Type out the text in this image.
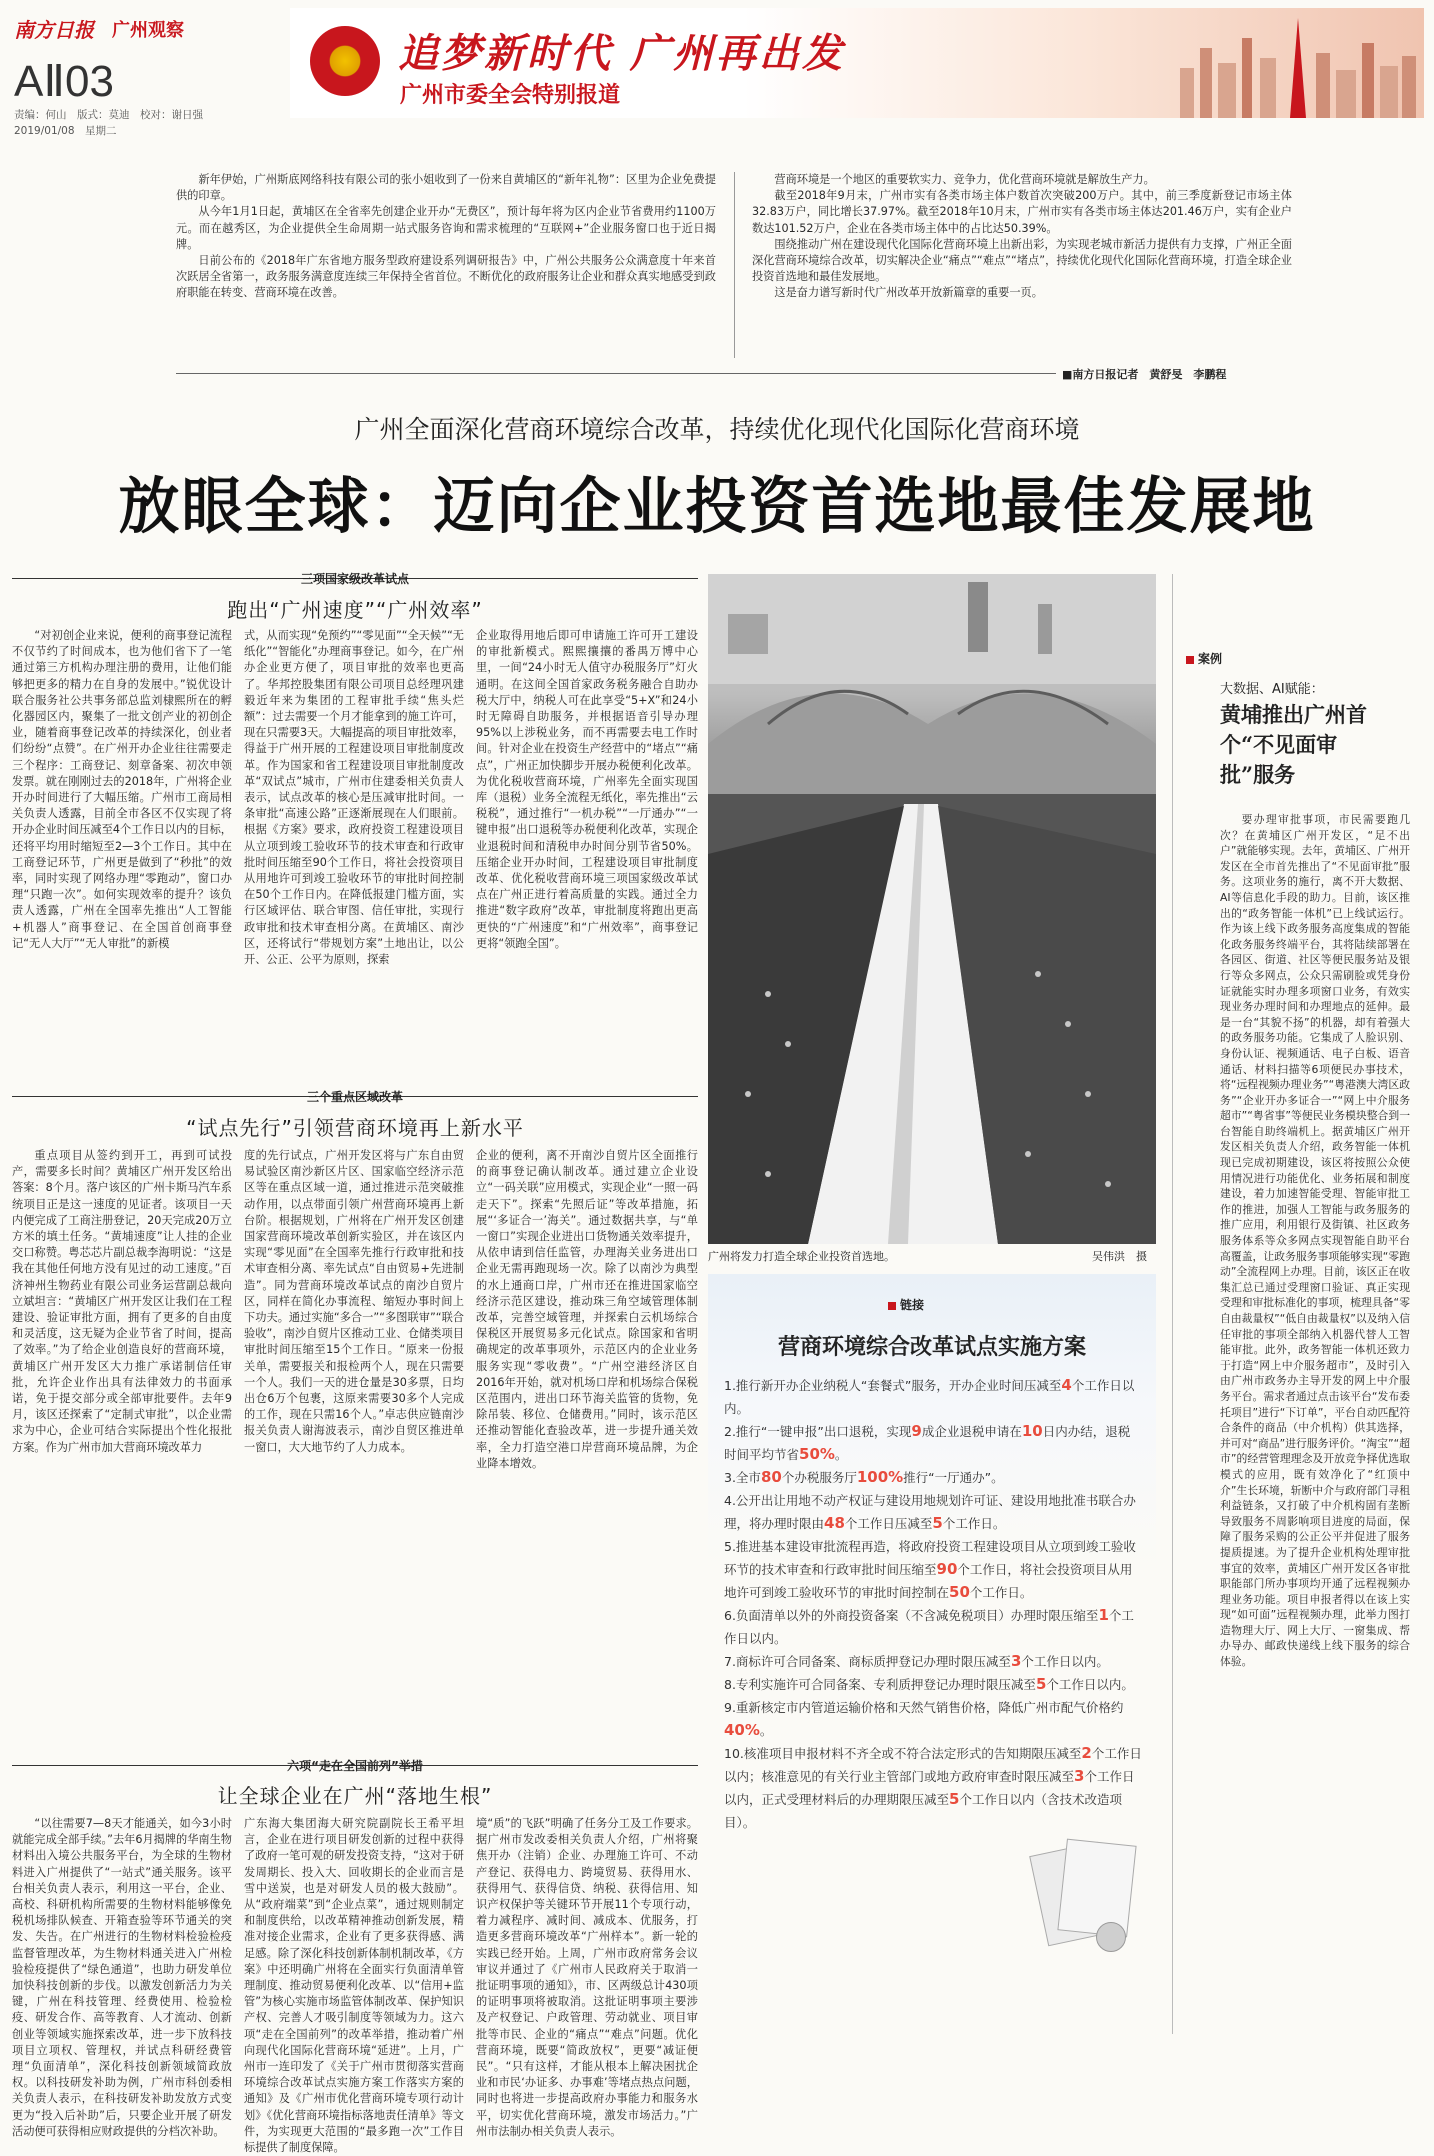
南方日报 广州观察
AⅡ03
责编：何山　版式：莫迪　校对：谢日强
2019/01/08　星期二
追梦新时代 广州再出发
广州市委全会特别报道

新年伊始，广州斯底网络科技有限公司的张小姐收到了一份来自黄埔区的“新年礼物”：区里为企业免费提供的印章。

从今年1月1日起，黄埔区在全省率先创建企业开办“无费区”，预计每年将为区内企业节省费用约1100万元。而在越秀区，为企业提供全生命周期一站式服务咨询和需求梳理的“互联网+”企业服务窗口也于近日揭牌。

日前公布的《2018年广东省地方服务型政府建设系列调研报告》中，广州公共服务公众满意度十年来首次跃居全省第一，政务服务满意度连续三年保持全省首位。不断优化的政府服务让企业和群众真实地感受到政府职能在转变、营商环境在改善。

营商环境是一个地区的重要软实力、竞争力，优化营商环境就是解放生产力。

截至2018年9月末，广州市实有各类市场主体户数首次突破200万户。其中，前三季度新登记市场主体32.83万户，同比增长37.97%。截至2018年10月末，广州市实有各类市场主体达201.46万户，实有企业户数达101.52万户，企业在各类市场主体中的占比达50.39%。

围绕推动广州在建设现代化国际化营商环境上出新出彩，为实现老城市新活力提供有力支撑，广州正全面深化营商环境综合改革，切实解决企业“痛点”“难点”“堵点”，持续优化现代化国际化营商环境，打造全球企业投资首选地和最佳发展地。

这是奋力谱写新时代广州改革开放新篇章的重要一页。

■南方日报记者　黄舒旻　李鹏程
广州全面深化营商环境综合改革，持续优化现代化国际化营商环境
放眼全球：迈向企业投资首选地最佳发展地
三项国家级改革试点
跑出“广州速度”“广州效率”
“对初创企业来说，便利的商事登记流程不仅节约了时间成本，也为他们省下了一笔通过第三方机构办理注册的费用，让他们能够把更多的精力在自身的发展中。”锐优设计联合服务社公共事务部总监刘棣熙所在的孵化器园区内，聚集了一批文创产业的初创企业，随着商事登记改革的持续深化，创业者们纷纷“点赞”。在广州开办企业往往需要走三个程序：工商登记、刻章备案、初次申领发票。就在刚刚过去的2018年，广州将企业开办时间进行了大幅压缩。广州市工商局相关负责人透露，目前全市各区不仅实现了将开办企业时间压减至4个工作日以内的目标，还将平均用时缩短至2—3个工作日。其中在工商登记环节，广州更是做到了“秒批”的效率，同时实现了网络办理“零跑动”，窗口办理“只跑一次”。如何实现效率的提升？该负责人透露，广州在全国率先推出“人工智能+机器人”商事登记、在全国首创商事登记“无人大厅”“无人审批”的新模
式，从而实现“免预约”“零见面”“全天候”“无纸化”“智能化”办理商事登记。如今，在广州办企业更方便了，项目审批的效率也更高了。华邦控股集团有限公司项目总经理巩建毅近年来为集团的工程审批手续“焦头烂额”：过去需要一个月才能拿到的施工许可，现在只需要3天。大幅提高的项目审批效率，得益于广州开展的工程建设项目审批制度改革。作为国家和省工程建设项目审批制度改革“双试点”城市，广州市住建委相关负责人表示，试点改革的核心是压减审批时间。一条审批“高速公路”正逐渐展现在人们眼前。根据《方案》要求，政府投资工程建设项目从立项到竣工验收环节的技术审查和行政审批时间压缩至90个工作日，将社会投资项目从用地许可到竣工验收环节的审批时间控制在50个工作日内。在降低报建门槛方面，实行区域评估、联合审图、信任审批，实现行政审批和技术审查相分离。在黄埔区、南沙区，还将试行“带规划方案”土地出让，以公开、公正、公平为原则，探索
企业取得用地后即可申请施工许可开工建设的审批新模式。熙熙攘攘的番禺万博中心里，一间“24小时无人值守办税服务厅”灯火通明。在这间全国首家政务税务融合自助办税大厅中，纳税人可在此享受“5+X”和24小时无障碍自助服务，并根据语音引导办理95%以上涉税业务，而不再需要去电工作时间。针对企业在投资生产经营中的“堵点”“痛点”，广州正加快脚步开展办税便利化改革。为优化税收营商环境，广州率先全面实现国库（退税）业务全流程无纸化，率先推出“云税税”，通过推行“一机办税”“一厅通办”“一键申报”出口退税等办税便利化改革，实现企业退税时间和清税申办时间分别节省50%。压缩企业开办时间，工程建设项目审批制度改革、优化税收营商环境三项国家级改革试点在广州正进行着高质量的实践。通过全力推进“数字政府”改革，审批制度将跑出更高更快的“广州速度”和“广州效率”，商事登记更将“领跑全国”。
三个重点区域改革
“试点先行”引领营商环境再上新水平
重点项目从签约到开工，再到可试投产，需要多长时间？黄埔区广州开发区给出答案：8个月。落户该区的广州卡斯马汽车系统项目正是这一速度的见证者。该项目一天内便完成了工商注册登记，20天完成20万立方米的填土任务。“黄埔速度”让人挂的企业交口称赞。粤芯芯片副总裁李海明说：“这是我在其他任何地方没有见过的动工速度。”百济神州生物药业有限公司业务运营副总裁向立斌坦言：“黄埔区广州开发区让我们在工程建设、验证审批方面，拥有了更多的自由度和灵活度，这无疑为企业节省了时间，提高了效率。”为了给企业创造良好的营商环境，黄埔区广州开发区大力推广承诺制信任审批，允许企业作出具有法律效力的书面承诺，免于提交部分或全部审批要件。去年9月，该区还探索了“定制式审批”，以企业需求为中心，企业可结合实际提出个性化报批方案。作为广州市加大营商环境改革力
度的先行试点，广州开发区将与广东自由贸易试验区南沙新区片区、国家临空经济示范区等在重点区域一道，通过推进示范突破推动作用，以点带面引领广州营商环境再上新台阶。根据规划，广州将在广州开发区创建国家营商环境改革创新实验区，并在该区内实现“零见面”在全国率先推行行政审批和技术审查相分离、率先试点“自由贸易+先进制造”。同为营商环境改革试点的南沙自贸片区，同样在简化办事流程、缩短办事时间上下功夫。通过实施“多合一”“多图联审”“联合验收”，南沙自贸片区推动工业、仓储类项目审批时间压缩至15个工作日。“原来一份报关单，需要报关和报检两个人，现在只需要一个人。我们一天的进仓量是30多票，日均出仓6万个包裹，这原来需要30多个人完成的工作，现在只需16个人。”卓志供应链南沙报关负责人谢海波表示，南沙自贸区推进单一窗口，大大地节约了人力成本。
企业的便利，离不开南沙自贸片区全面推行的商事登记确认制改革。通过建立企业设立“一码关联”应用模式，实现企业“一照一码走天下”。探索“先照后证”等改革措施，拓展“‘多证合一’海关”。通过数据共享，与“单一窗口”实现企业进出口货物通关效率提升，从依申请到信任监管，办理海关业务进出口企业无需再跑现场一次。除了以南沙为典型的水上通商口岸，广州市还在推进国家临空经济示范区建设，推动珠三角空域管理体制改革，完善空域管理，并探索白云机场综合保税区开展贸易多元化试点。除国家和省明确规定的改革事项外，示范区内的企业业务服务实现“零收费”。“广州空港经济区自2016年开始，就对机场口岸和机场综合保税区范围内，进出口环节海关监管的货物，免除吊装、移位、仓储费用。”同时，该示范区还推动智能化查验改革，进一步提升通关效率，全力打造空港口岸营商环境品牌，为企业降本增效。
六项“走在全国前列”举措
让全球企业在广州“落地生根”
“以往需要7—8天才能通关，如今3小时就能完成全部手续。”去年6月揭牌的华南生物材料出入境公共服务平台，为全球的生物材料进入广州提供了“一站式”通关服务。该平台相关负责人表示，利用这一平台，企业、高校、科研机构所需要的生物材料能够像免税机场排队候查、开箱查验等环节通关的突发、失告。在广州进行的生物材料检验检疫监督管理改革，为生物材料通关进入广州检验检疫提供了“绿色通道”，也助力研发单位加快科技创新的步伐。以激发创新活力为关键，广州在科技管理、经费使用、检验检疫、研发合作、高等教育、人才流动、创新创业等领域实施探索改革，进一步下放科技项目立项权、管理权，并试点科研经费管理“负面清单”，深化科技创新领域简政放权。以科技研发补助为例，广州市科创委相关负责人表示，在科技研发补助发放方式变更为“投入后补助”后，只要企业开展了研发活动便可获得相应财政提供的分档次补助。
广东海大集团海大研究院副院长王希平坦言，企业在进行项目研发创新的过程中获得了政府一笔可观的研发投资支持，“这对于研发周期长、投入大、回收期长的企业而言是雪中送炭，也是对研发人员的极大鼓励”。从“政府端菜”到“企业点菜”，通过规则制定和制度供给，以改革精神推动创新发展，精准对接企业需求，企业有了更多获得感、满足感。除了深化科技创新体制机制改革，《方案》中还明确广州将在全面实行负面清单管理制度、推动贸易便利化改革、以“信用+监管”为核心实施市场监管体制改革、保护知识产权、完善人才吸引制度等领域为力。这六项“走在全国前列”的改革举措，推动着广州向现代化国际化营商环境“延进”。上月，广州市一连印发了《关于广州市贯彻落实营商环境综合改革试点实施方案工作落实方案的通知》及《广州市优化营商环境专项行动计划》《优化营商环境指标落地责任清单》等文件，为实现更大范围的“最多跑一次”工作目标提供了制度保障。
境“质”的飞跃”明确了任务分工及工作要求。据广州市发改委相关负责人介绍，广州将聚焦开办（注销）企业、办理施工许可、不动产登记、获得电力、跨境贸易、获得用水、获得用气、获得信贷、纳税、获得信用、知识产权保护等关键环节开展11个专项行动，着力减程序、减时间、减成本、优服务，打造更多营商环境改革“广州样本”。新一轮的实践已经开始。上周，广州市政府常务会议审议并通过了《广州市人民政府关于取消一批证明事项的通知》，市、区两级总计430项的证明事项将被取消。这批证明事项主要涉及产权登记、户政管理、劳动就业、项目审批等市民、企业的“痛点”“难点”问题。优化营商环境，既要“简政放权”，更要“减证便民”。“只有这样，才能从根本上解决困扰企业和市民‘办证多、办事难’等堵点热点问题，同时也将进一步提高政府办事能力和服务水平，切实优化营商环境，激发市场活力。”广州市法制办相关负责人表示。
广州将发力打造全球企业投资首选地。	吴伟洪　摄
链接
营商环境综合改革试点实施方案
1.推行新开办企业纳税人“套餐式”服务，开办企业时间压减至4个工作日以内。
2.推行“一键申报”出口退税，实现9成企业退税申请在10日内办结，退税时间平均节省50%。
3.全市80个办税服务厅100%推行“一厅通办”。
4.公开出让用地不动产权证与建设用地规划许可证、建设用地批准书联合办理，将办理时限由48个工作日压减至5个工作日。
5.推进基本建设审批流程再造，将政府投资工程建设项目从立项到竣工验收环节的技术审查和行政审批时间压缩至90个工作日，将社会投资项目从用地许可到竣工验收环节的审批时间控制在50个工作日。
6.负面清单以外的外商投资备案（不含减免税项目）办理时限压缩至1个工作日以内。
7.商标许可合同备案、商标质押登记办理时限压减至3个工作日以内。
8.专利实施许可合同备案、专利质押登记办理时限压减至5个工作日以内。
9.重新核定市内管道运输价格和天然气销售价格，降低广州市配气价格约40%。
10.核准项目申报材料不齐全或不符合法定形式的告知期限压减至2个工作日以内；核准意见的有关行业主管部门或地方政府审查时限压减至3个工作日以内，正式受理材料后的办理期限压减至5个工作日以内（含技术改造项目）。
案例
大数据、AI赋能：
黄埔推出广州首个“不见面审批”服务
要办理审批事项，市民需要跑几次？在黄埔区广州开发区，“足不出户”就能够实现。去年，黄埔区、广州开发区在全市首先推出了“不见面审批”服务。这项业务的施行，离不开大数据、AI等信息化手段的助力。目前，该区推出的“政务智能一体机”已上线试运行。作为该上线下政务服务高度集成的智能化政务服务终端平台，其将陆续部署在各园区、街道、社区等便民服务站及银行等众多网点，公众只需刷脸或凭身份证就能实时办理多项窗口业务，有效实现业务办理时间和办理地点的延伸。最是一台“其貌不扬”的机器，却有着强大的政务服务功能。它集成了人脸识别、身份认证、视频通话、电子白板、语音通话、材料扫描等6项便民办事技术，将“远程视频办理业务”“粤港澳大湾区政务”“企业开办多证合一”“网上中介服务超市”“粤省事”等便民业务模块整合到一台智能自助终端机上。据黄埔区广州开发区相关负责人介绍，政务智能一体机现已完成初期建设，该区将按照公众使用情况进行功能优化、业务拓展和制度建设，着力加速智能受理、智能审批工作的推进，加强人工智能与政务服务的推广应用，利用银行及街镇、社区政务服务体系等众多网点实现智能自助平台高覆盖，让政务服务事项能够实现“零跑动”全流程网上办理。目前，该区正在收集汇总已通过受理窗口验证、真正实现受理和审批标准化的事项，梳理具备“零自由裁量权”“低自由裁量权”以及纳入信任审批的事项全部纳入机器代替人工智能审批。此外，政务智能一体机还致力于打造“网上中介服务超市”，及时引入由广州市政务办主导开发的网上中介服务平台。需求者通过点击该平台“发布委托项目”进行“下订单”，平台自动匹配符合条件的商品（中介机构）供其选择，并可对“商品”进行服务评价。“淘宝”“超市”的经营管理理念及开放竞争择优选取模式的应用，既有效净化了“红顶中介”生长环境，斩断中介与政府部门寻租利益链条，又打破了中介机构固有垄断导致服务不周影响项目进度的局面，保障了服务采购的公正公平并促进了服务提质提速。为了提升企业机构处理审批事宜的效率，黄埔区广州开发区各审批职能部门所办事项均开通了远程视频办理业务功能。项目申报者得以在该上实现“如可面”远程视频办理，此举力图打造物理大厅、网上大厅、一窗集成、帮办导办、邮政快递线上线下服务的综合体验。
